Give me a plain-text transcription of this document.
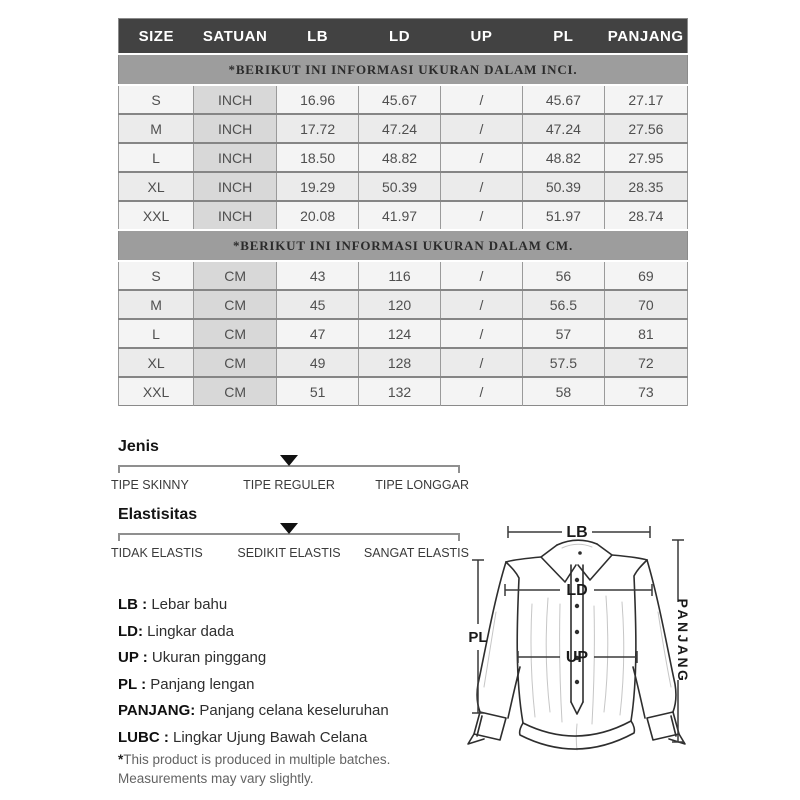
SIZE	SATUAN	LB	LD	UP	PL	PANJANG
*BERIKUT INI INFORMASI UKURAN DALAM INCI.						
S	INCH	16.96	45.67	/	45.67	27.17
M	INCH	17.72	47.24	/	47.24	27.56
L	INCH	18.50	48.82	/	48.82	27.95
XL	INCH	19.29	50.39	/	50.39	28.35
XXL	INCH	20.08	41.97	/	51.97	28.74
*BERIKUT INI INFORMASI UKURAN DALAM CM.						
S	CM	43	116	/	56	69
M	CM	45	120	/	56.5	70
L	CM	47	124	/	57	81
XL	CM	49	128	/	57.5	72
XXL	CM	51	132	/	58	73
Jenis
TIPE SKINNY	TIPE REGULER	TIPE LONGGAR
Elastisitas
TIDAK ELASTIS	SEDIKIT ELASTIS SANGAT ELASTIS
LB : Lebar bahu
LD: Lingkar dada
UP : Ukuran pinggang
PL : Panjang lengan
PANJANG: Panjang celana keseluruhan
LUBC : Lingkar Ujung Bawah Celana
*This product is produced in multiple batches.
Measurements may vary slightly.
LB
LD
UP
PL	PANJANG
